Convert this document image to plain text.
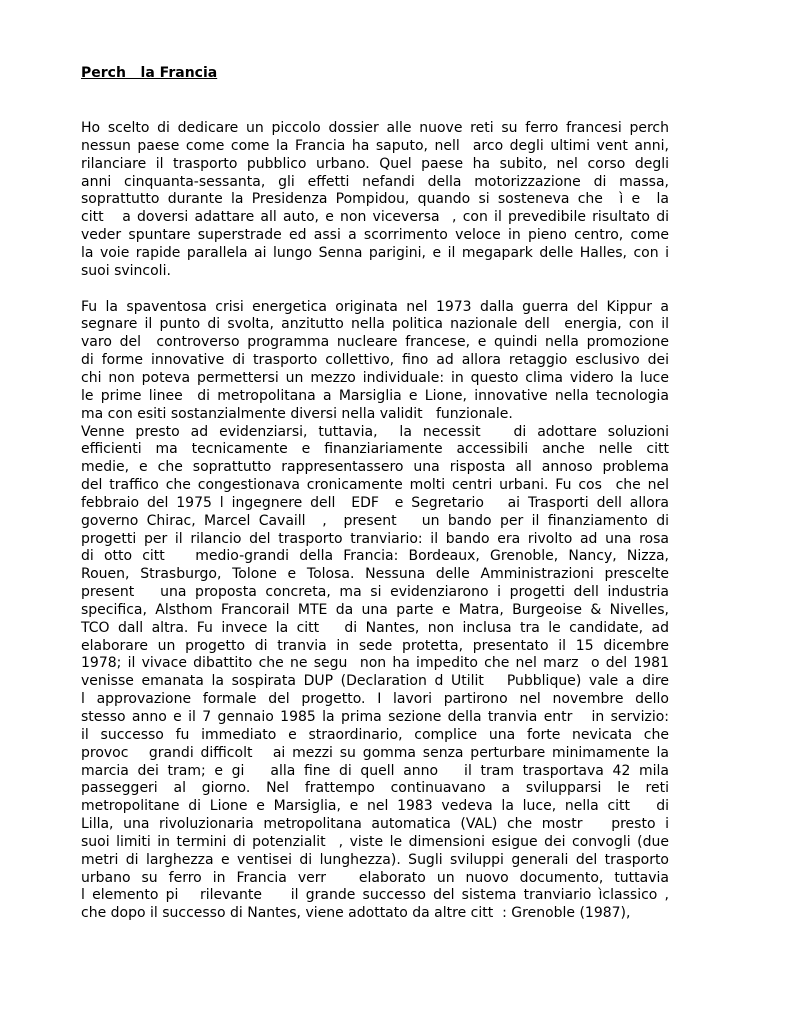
Perch   la Francia
Ho scelto di dedicare un piccolo dossier alle nuove reti su ferro francesi perch
nessun paese come come la Francia ha saputo, nell  arco degli ultimi vent anni,
rilanciare il trasporto pubblico urbano. Quel paese ha subito, nel corso degli
anni cinquanta-sessanta, gli effetti nefandi della motorizzazione di massa,
soprattutto durante la Presidenza Pompidou, quando si sosteneva che  ì e  la
citt   a doversi adattare all auto, e non viceversa  , con il prevedibile risultato di
veder spuntare superstrade ed assi a scorrimento veloce in pieno centro, come
la voie rapide parallela ai lungo Senna parigini, e il megapark delle Halles, con i
suoi svincoli.
Fu la spaventosa crisi energetica originata nel 1973 dalla guerra del Kippur a
segnare il punto di svolta, anzitutto nella politica nazionale dell  energia, con il
varo del  controverso programma nucleare francese, e quindi nella promozione
di forme innovative di trasporto collettivo, fino ad allora retaggio esclusivo dei
chi non poteva permettersi un mezzo individuale: in questo clima videro la luce
le prime linee  di metropolitana a Marsiglia e Lione, innovative nella tecnologia
ma con esiti sostanzialmente diversi nella validit   funzionale.
Venne presto ad evidenziarsi, tuttavia,  la necessit   di adottare soluzioni
efficienti ma tecnicamente e finanziariamente accessibili anche nelle citt
medie, e che soprattutto rappresentassero una risposta all annoso problema
del traffico che congestionava cronicamente molti centri urbani. Fu cos  che nel
febbraio del 1975 l ingegnere dell  EDF  e Segretario   ai Trasporti dell allora
governo Chirac, Marcel Cavaill  ,  present   un bando per il finanziamento di
progetti per il rilancio del trasporto tranviario: il bando era rivolto ad una rosa
di otto citt   medio-grandi della Francia: Bordeaux, Grenoble, Nancy, Nizza,
Rouen, Strasburgo, Tolone e Tolosa. Nessuna delle Amministrazioni prescelte
present   una proposta concreta, ma si evidenziarono i progetti dell industria
specifica, Alsthom Francorail MTE da una parte e Matra, Burgeoise & Nivelles,
TCO dall altra. Fu invece la citt   di Nantes, non inclusa tra le candidate, ad
elaborare un progetto di tranvia in sede protetta, presentato il 15 dicembre
1978; il vivace dibattito che ne segu  non ha impedito che nel marz  o del 1981
venisse emanata la sospirata DUP (Declaration d Utilit   Pubblique) vale a dire
l approvazione formale del progetto. I lavori partirono nel novembre dello
stesso anno e il 7 gennaio 1985 la prima sezione della tranvia entr   in servizio:
il successo fu immediato e straordinario, complice una forte nevicata che
provoc   grandi difficolt   ai mezzi su gomma senza perturbare minimamente la
marcia dei tram; e gi   alla fine di quell anno   il tram trasportava 42 mila
passeggeri al giorno. Nel frattempo continuavano a svilupparsi le reti
metropolitane di Lione e Marsiglia, e nel 1983 vedeva la luce, nella citt   di
Lilla, una rivoluzionaria metropolitana automatica (VAL) che mostr   presto i
suoi limiti in termini di potenzialit  , viste le dimensioni esigue dei convogli (due
metri di larghezza e ventisei di lunghezza). Sugli sviluppi generali del trasporto
urbano su ferro in Francia verr   elaborato un nuovo documento, tuttavia
l elemento pi   rilevante    il grande successo del sistema tranviario ìclassico ,
che dopo il successo di Nantes, viene adottato da altre citt  : Grenoble (1987),
